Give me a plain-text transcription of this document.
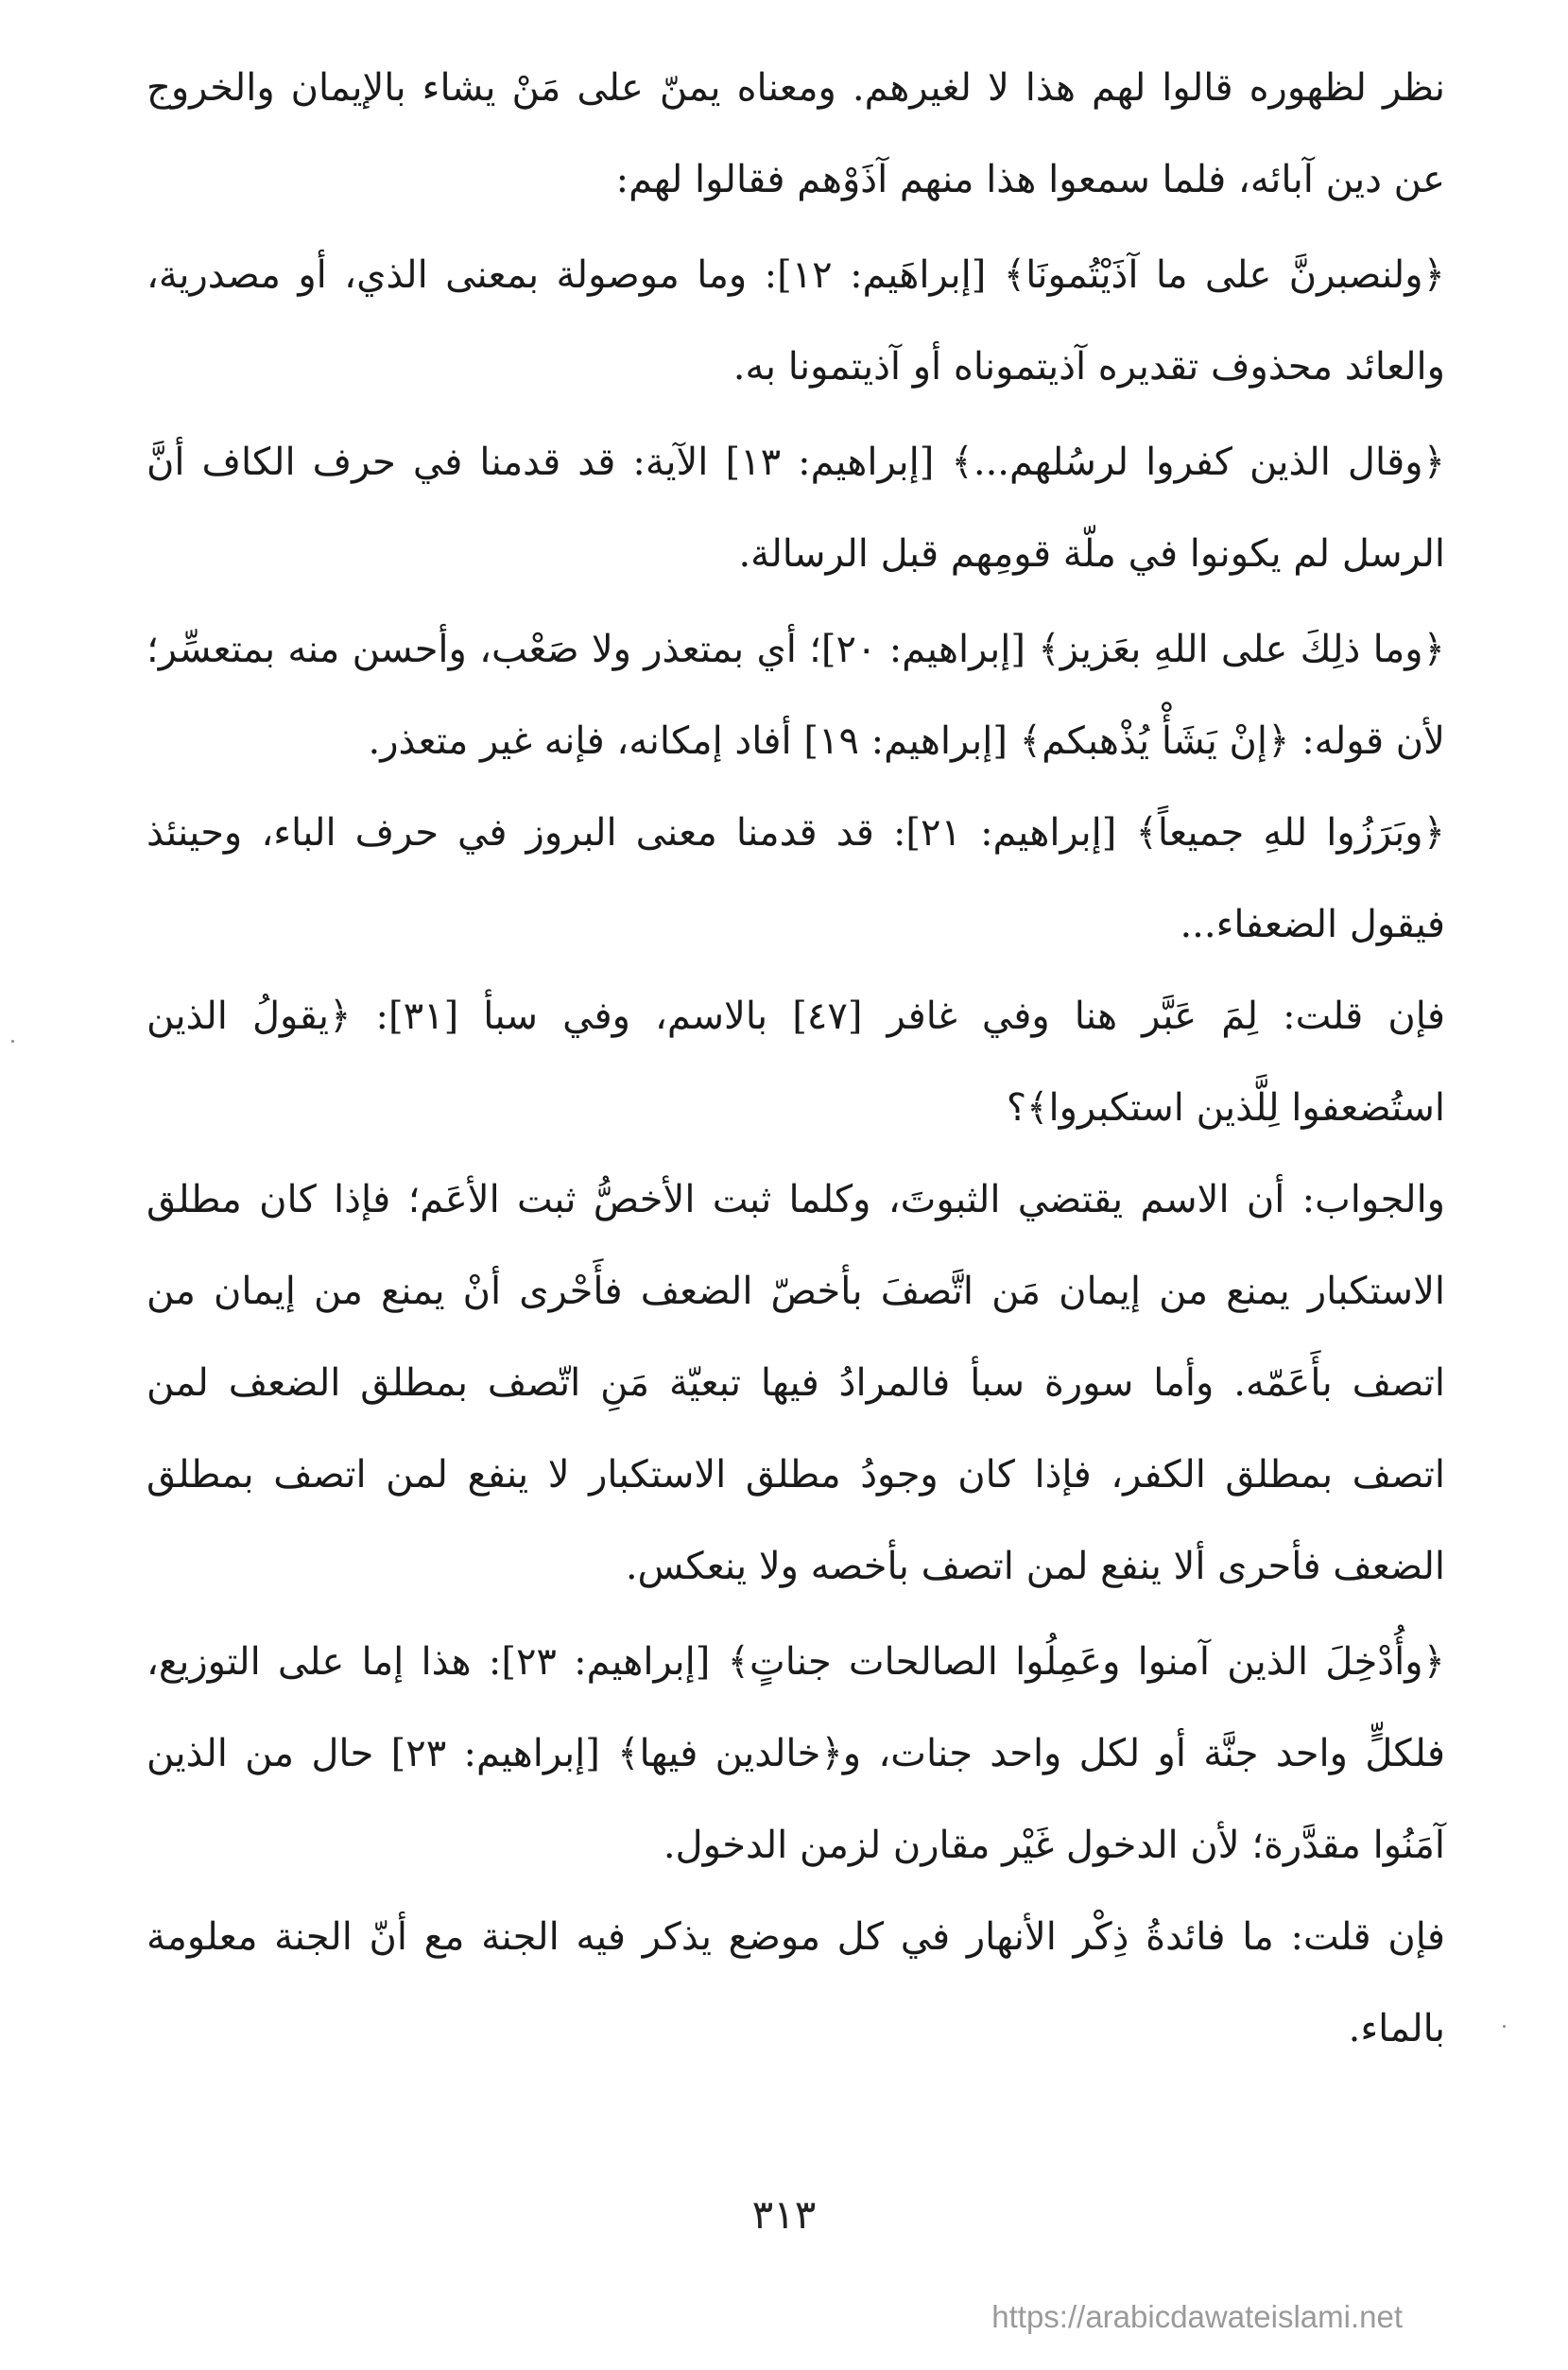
نظر لظهوره قالوا لهم هذا لا لغيرهم. ومعناه يمنّ على مَنْ يشاء بالإيمان والخروج عن دين آبائه، فلما سمعوا هذا منهم آذَوْهم فقالوا لهم:

﴿ولنصبرنَّ على ما آذَيْتُمونَا﴾ [إبراهَيم: ١٢]: وما موصولة بمعنى الذي، أو مصدرية، والعائد محذوف تقديره آذيتموناه أو آذيتمونا به.

﴿وقال الذين كفروا لرسُلهم...﴾ [إبراهيم: ١٣] الآية: قد قدمنا في حرف الكاف أنَّ الرسل لم يكونوا في ملّة قومِهم قبل الرسالة.

﴿وما ذلِكَ على اللهِ بعَزيز﴾ [إبراهيم: ٢٠]؛ أي بمتعذر ولا صَعْب، وأحسن منه بمتعسِّر؛ لأن قوله: ﴿إنْ يَشَأْ يُذْهبكم﴾ [إبراهيم: ١٩] أفاد إمكانه، فإنه غير متعذر.

﴿وبَرَزُوا للهِ جميعاً﴾ [إبراهيم: ٢١]: قد قدمنا معنى البروز في حرف الباء، وحينئذ فيقول الضعفاء...

فإن قلت: لِمَ عَبَّر هنا وفي غافر [٤٧] بالاسم، وفي سبأ [٣١]: ﴿يقولُ الذين استُضعفوا لِلَّذين استكبروا﴾؟

والجواب: أن الاسم يقتضي الثبوتَ، وكلما ثبت الأخصُّ ثبت الأعَم؛ فإذا كان مطلق الاستكبار يمنع من إيمان مَن اتَّصفَ بأخصّ الضعف فأَحْرى أنْ يمنع من إيمان من اتصف بأَعَمّه. وأما سورة سبأ فالمرادُ فيها تبعيّة مَنِ اتّصف بمطلق الضعف لمن اتصف بمطلق الكفر، فإذا كان وجودُ مطلق الاستكبار لا ينفع لمن اتصف بمطلق الضعف فأحرى ألا ينفع لمن اتصف بأخصه ولا ينعكس.

﴿وأُدْخِلَ الذين آمنوا وعَمِلُوا الصالحات جناتٍ﴾ [إبراهيم: ٢٣]: هذا إما على التوزيع، فلكلٍّ واحد جنَّة أو لكل واحد جنات، و﴿خالدين فيها﴾ [إبراهيم: ٢٣] حال من الذين آمَنُوا مقدَّرة؛ لأن الدخول غَيْر مقارن لزمن الدخول.

فإن قلت: ما فائدةُ ذِكْر الأنهار في كل موضع يذكر فيه الجنة مع أنّ الجنة معلومة بالماء.

٣١٣
https://arabicdawateislami.net
